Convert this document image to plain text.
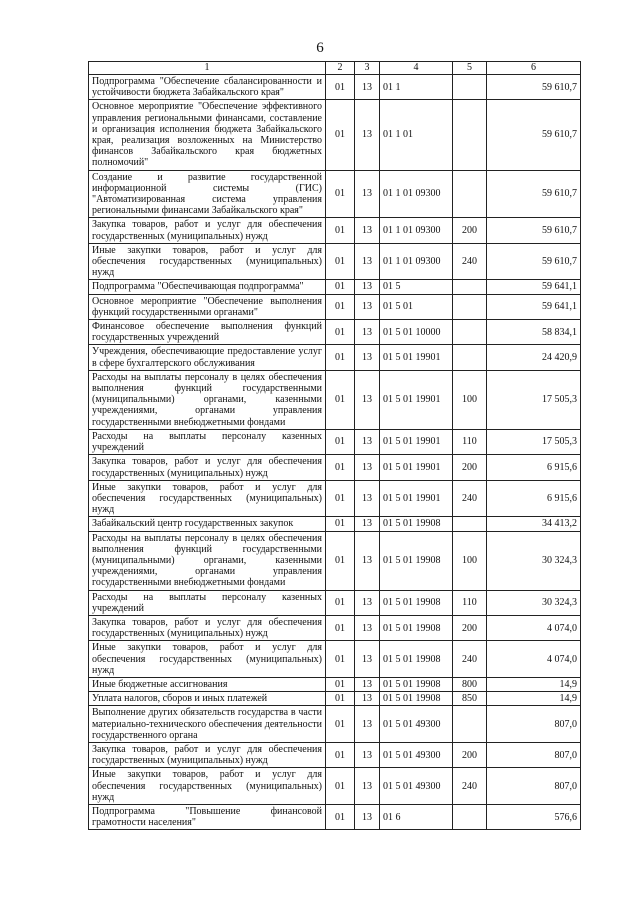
6
1	2	3	4	5	6
Подпрограмма "Обеспечение сбалансированности и устойчивости бюджета Забайкальского края"	01	13	01 1		59 610,7
Основное мероприятие "Обеспечение эффективного управления региональными финансами, составление и организация исполнения бюджета Забайкальского края, реализация возложенных на Министерство финансов Забайкальского края бюджетных полномочий"	01	13	01 1 01		59 610,7
Создание и развитие государственной информационной системы (ГИС) "Автоматизированная система управления региональными финансами Забайкальского края"	01	13	01 1 01 09300		59 610,7
Закупка товаров, работ и услуг для обеспечения государственных (муниципальных) нужд	01	13	01 1 01 09300	200	59 610,7
Иные закупки товаров, работ и услуг для обеспечения государственных (муниципальных) нужд	01	13	01 1 01 09300	240	59 610,7
Подпрограмма "Обеспечивающая подпрограмма"	01	13	01 5		59 641,1
Основное мероприятие "Обеспечение выполнения функций государственными органами"	01	13	01 5 01		59 641,1
Финансовое обеспечение выполнения функций государственных учреждений	01	13	01 5 01 10000		58 834,1
Учреждения, обеспечивающие предоставление услуг в сфере бухгалтерского обслуживания	01	13	01 5 01 19901		24 420,9
Расходы на выплаты персоналу в целях обеспечения выполнения функций государственными (муниципальными) органами, казенными учреждениями, органами управления государственными внебюджетными фондами	01	13	01 5 01 19901	100	17 505,3
Расходы на выплаты персоналу казенных учреждений	01	13	01 5 01 19901	110	17 505,3
Закупка товаров, работ и услуг для обеспечения государственных (муниципальных) нужд	01	13	01 5 01 19901	200	6 915,6
Иные закупки товаров, работ и услуг для обеспечения государственных (муниципальных) нужд	01	13	01 5 01 19901	240	6 915,6
Забайкальский центр государственных закупок	01	13	01 5 01 19908		34 413,2
Расходы на выплаты персоналу в целях обеспечения выполнения функций государственными (муниципальными) органами, казенными учреждениями, органами управления государственными внебюджетными фондами	01	13	01 5 01 19908	100	30 324,3
Расходы на выплаты персоналу казенных учреждений	01	13	01 5 01 19908	110	30 324,3
Закупка товаров, работ и услуг для обеспечения государственных (муниципальных) нужд	01	13	01 5 01 19908	200	4 074,0
Иные закупки товаров, работ и услуг для обеспечения государственных (муниципальных) нужд	01	13	01 5 01 19908	240	4 074,0
Иные бюджетные ассигнования	01	13	01 5 01 19908	800	14,9
Уплата налогов, сборов и иных платежей	01	13	01 5 01 19908	850	14,9
Выполнение других обязательств государства в части материально-технического обеспечения деятельности государственного органа	01	13	01 5 01 49300		807,0
Закупка товаров, работ и услуг для обеспечения государственных (муниципальных) нужд	01	13	01 5 01 49300	200	807,0
Иные закупки товаров, работ и услуг для обеспечения государственных (муниципальных) нужд	01	13	01 5 01 49300	240	807,0
Подпрограмма "Повышение финансовой грамотности населения"	01	13	01 6		576,6
